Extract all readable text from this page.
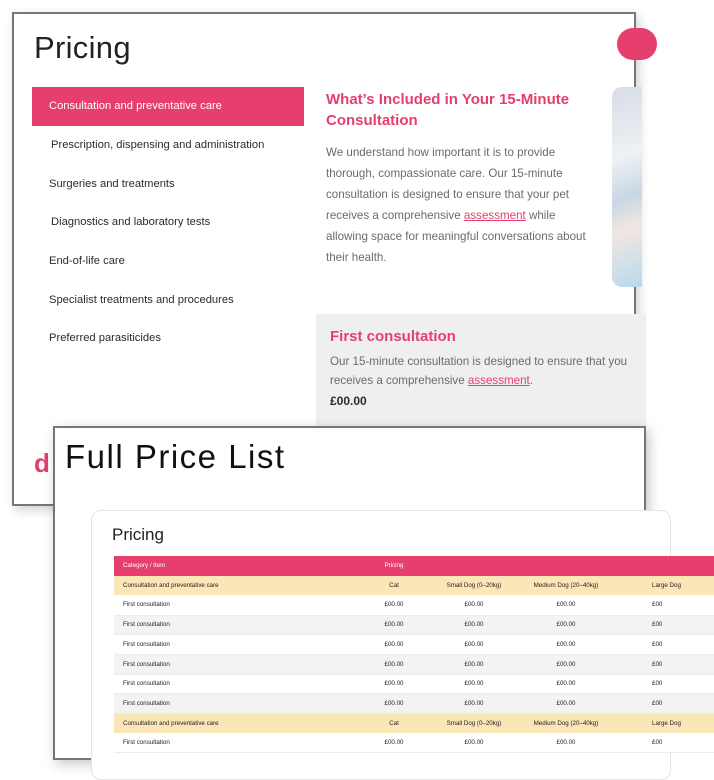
Pricing
Consultation and preventative care
Prescription, dispensing and administration
Surgeries and treatments
Diagnostics and laboratory tests
End-of-life care
Specialist treatments and procedures
Preferred parasiticides
What’s Included in Your 15-Minute Consultation
We understand how important it is to provide thorough, compassionate care. Our 15-minute consultation is designed to ensure that your pet receives a comprehensive assessment while allowing space for meaningful conversations about their health.
First consultation
Our 15-minute consultation is designed to ensure that you receives a comprehensive assessment.
£00.00
d Full Price List
Pricing
Category / Item	Pricing			
Consultation and preventative care	Cat	Small Dog (0–20kg)	Medium Dog (20–40kg)	Large Dog
First consultation	£00.00	£00.00	£00.00	£00
First consultation	£00.00	£00.00	£00.00	£00
First consultation	£00.00	£00.00	£00.00	£00
First consultation	£00.00	£00.00	£00.00	£00
First consultation	£00.00	£00.00	£00.00	£00
First consultation	£00.00	£00.00	£00.00	£00
Consultation and preventative care	Cat	Small Dog (0–20kg)	Medium Dog (20–40kg)	Large Dog
First consultation	£00.00	£00.00	£00.00	£00
